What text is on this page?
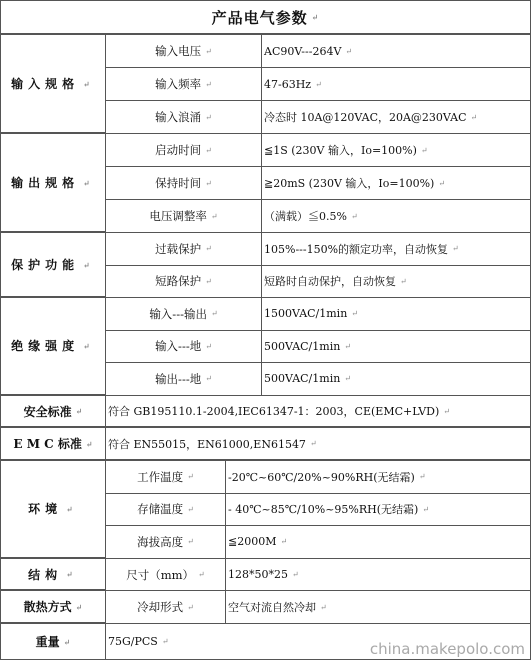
产品电气参数 ↵
输入规格 ↵
输入电压 ↵	AC90V---264V ↵
输入频率 ↵	47-63Hz ↵
输入浪涌 ↵	冷态时 10A@120VAC，20A@230VAC ↵
输出规格 ↵
启动时间 ↵	≦1S (230V 输入，Io=100%) ↵
保持时间 ↵	≧20mS (230V 输入，Io=100%) ↵
电压调整率 ↵	（满载）≦0.5% ↵
保护功能 ↵
过载保护 ↵	105%---150%的额定功率，自动恢复 ↵
短路保护 ↵	短路时自动保护，自动恢复 ↵
绝缘强度 ↵
输入---输出 ↵	1500VAC/1min ↵
输入---地 ↵	500VAC/1min ↵
输出---地 ↵	500VAC/1min ↵
安全标准 ↵ 符合 GB195110.1-2004,IEC61347-1：2003，CE(EMC+LVD) ↵
E M C 标准 ↵ 符合 EN55015，EN61000,EN61547 ↵
环境 ↵
工作温度 ↵	-20℃~60℃/20%~90%RH(无结霜) ↵
存储温度 ↵	- 40℃~85℃/10%~95%RH(无结霜) ↵
海拔高度 ↵	≦2000M ↵
结构 ↵	尺寸（mm） ↵ 128*50*25 ↵
散热方式 ↵	冷却形式 ↵	空气对流自然冷却 ↵
重量 ↵	75G/PCS ↵	china.makepolo.com
